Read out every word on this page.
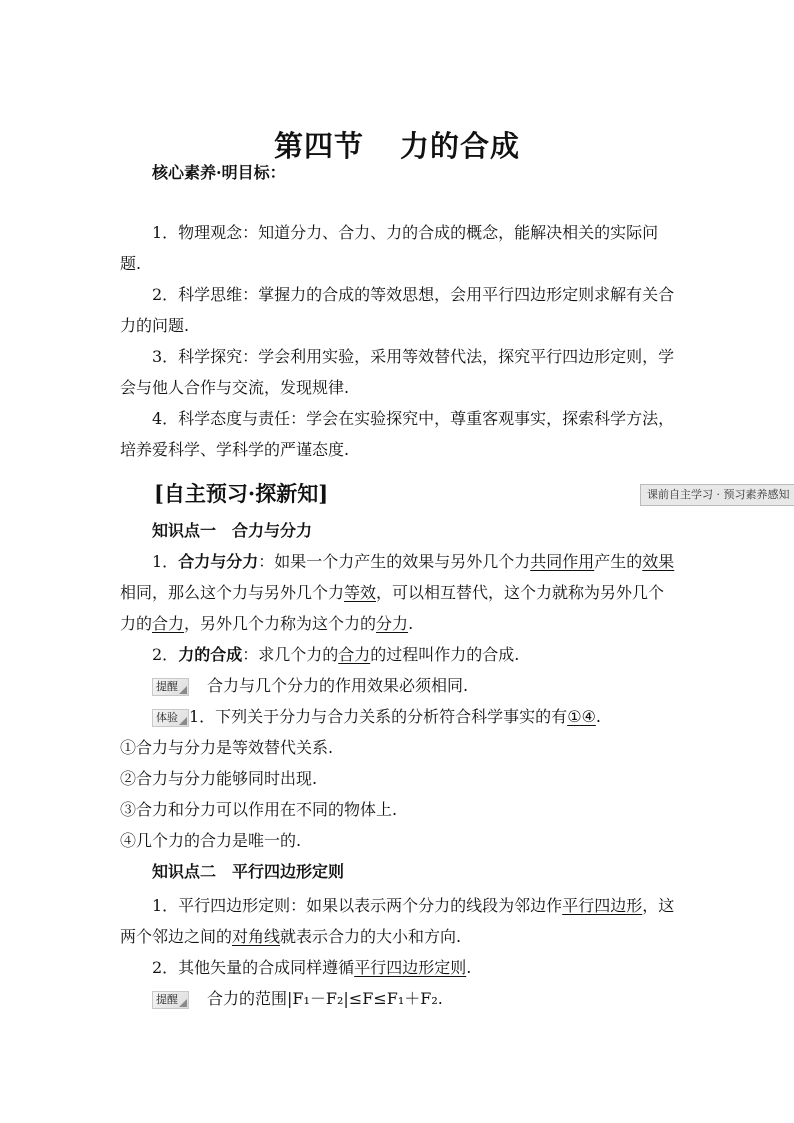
第四节 力的合成
核心素养·明目标：
1．物理观念：知道分力、合力、力的合成的概念，能解决相关的实际问
题.
2．科学思维：掌握力的合成的等效思想，会用平行四边形定则求解有关合
力的问题.
3．科学探究：学会利用实验，采用等效替代法，探究平行四边形定则，学
会与他人合作与交流，发现规律.
4．科学态度与责任：学会在实验探究中，尊重客观事实，探索科学方法，
培养爱科学、学科学的严谨态度.
[自主预习·探新知]	课前自主学习 · 预习素养感知
知识点一　合力与分力
1．合力与分力：如果一个力产生的效果与另外几个力共同作用产生的效果
相同，那么这个力与另外几个力等效，可以相互替代，这个力就称为另外几个
力的合力，另外几个力称为这个力的分力.
2．力的合成：求几个力的合力的过程叫作力的合成.
提醒 合力与几个分力的作用效果必须相同.
体验 1．下列关于分力与合力关系的分析符合科学事实的有①④.
①合力与分力是等效替代关系.
②合力与分力能够同时出现.
③合力和分力可以作用在不同的物体上.
④几个力的合力是唯一的.
知识点二　平行四边形定则
1．平行四边形定则：如果以表示两个分力的线段为邻边作平行四边形，这
两个邻边之间的对角线就表示合力的大小和方向.
2．其他矢量的合成同样遵循平行四边形定则.
提醒 合力的范围|F₁－F₂|≤F≤F₁＋F₂.
